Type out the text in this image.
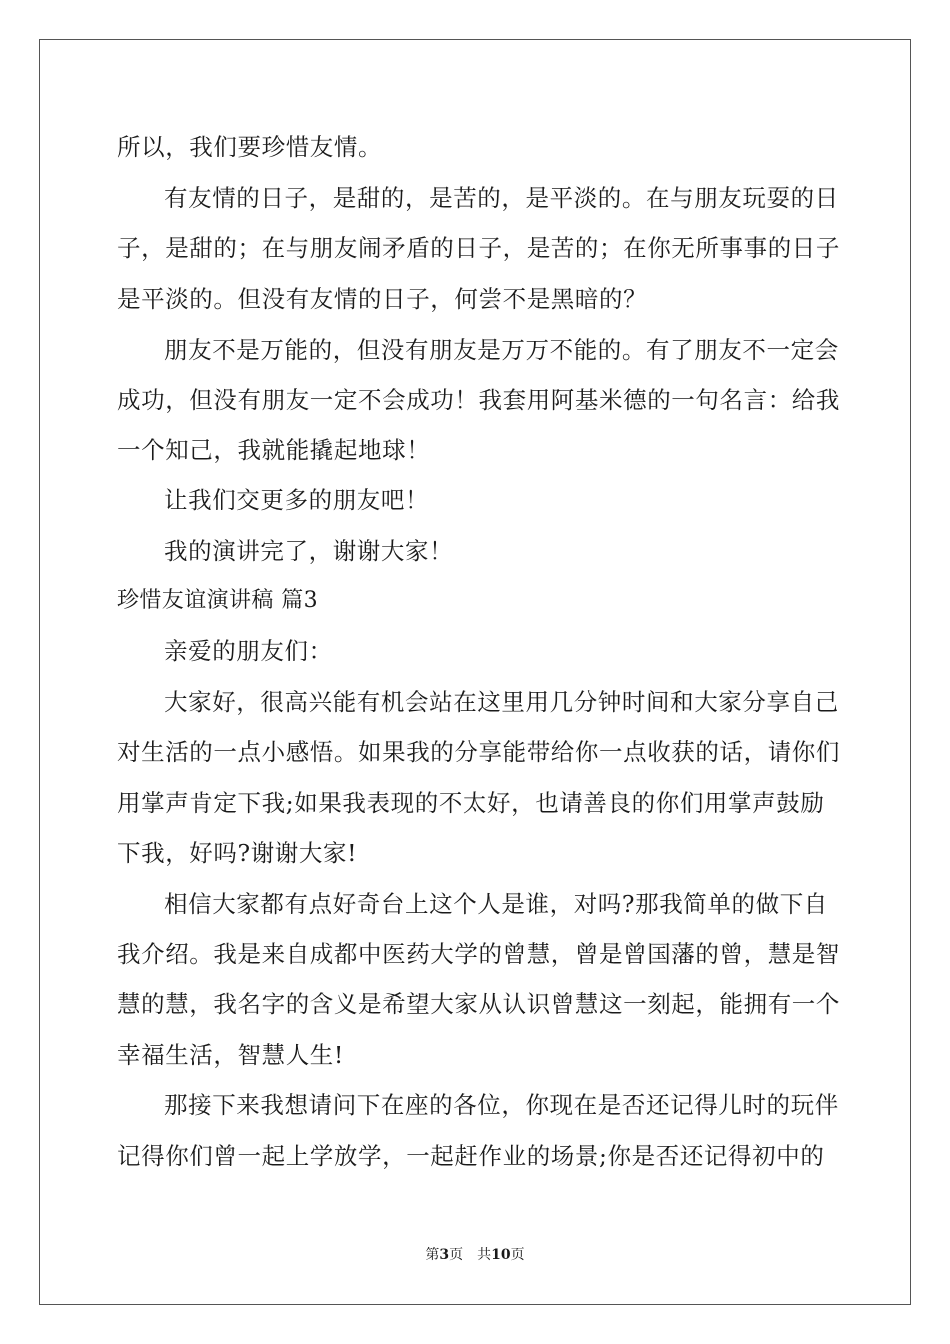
所以，我们要珍惜友情。
有友情的日子，是甜的，是苦的，是平淡的。在与朋友玩耍的日
子，是甜的；在与朋友闹矛盾的日子，是苦的；在你无所事事的日子
是平淡的。但没有友情的日子，何尝不是黑暗的？
朋友不是万能的，但没有朋友是万万不能的。有了朋友不一定会
成功，但没有朋友一定不会成功！我套用阿基米德的一句名言：给我
一个知己，我就能撬起地球！
让我们交更多的朋友吧！
我的演讲完了，谢谢大家！
珍惜友谊演讲稿 篇3
亲爱的朋友们：
大家好，很高兴能有机会站在这里用几分钟时间和大家分享自己
对生活的一点小感悟。如果我的分享能带给你一点收获的话，请你们
用掌声肯定下我;如果我表现的不太好，也请善良的你们用掌声鼓励
下我，好吗?谢谢大家!
相信大家都有点好奇台上这个人是谁，对吗?那我简单的做下自
我介绍。我是来自成都中医药大学的曾慧，曾是曾国藩的曾，慧是智
慧的慧，我名字的含义是希望大家从认识曾慧这一刻起，能拥有一个
幸福生活，智慧人生!
那接下来我想请问下在座的各位，你现在是否还记得儿时的玩伴
记得你们曾一起上学放学，一起赶作业的场景;你是否还记得初中的
第3页 共10页
